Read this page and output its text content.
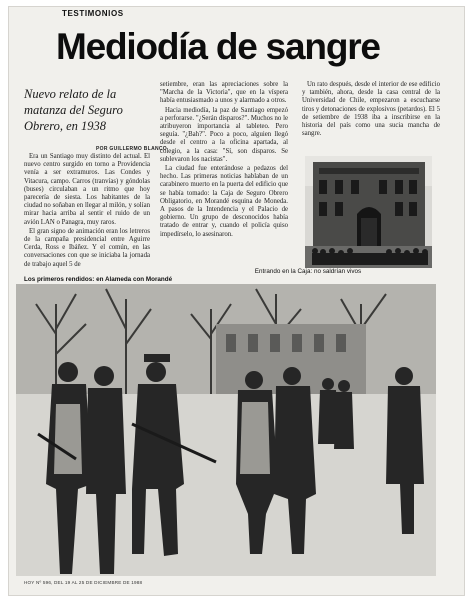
TESTIMONIOS
Mediodía de sangre
Nuevo relato de la matanza del Seguro Obrero, en 1938
POR GUILLERMO BLANCO

Era un Santiago muy distinto del actual. El nuevo centro surgido en torno a Providencia venía a ser extramuros. Las Condes y Vitacura, campo. Carros (tranvías) y góndolas (buses) circulaban a un ritmo que hoy parecería de siesta. Los habitantes de la ciudad no soñaban en llegar al milón, y solían mirar hacia arriba al sentir el ruido de un avión LAN o Panagra, muy raros.

El gran signo de animación eran los letreros de la campaña presidencial entre Aguirre Cerda, Ross e Ibáñez. Y el común, en las conversaciones con que se iniciaba la jornada de trabajo aquel 5 de

setiembre, eran las apreciaciones sobre la "Marcha de la Victoria", que en la víspera había entusiasmado a unos y alarmado a otros.

Hacia mediodía, la paz de Santiago empezó a perforarse. "¿Serán disparos?". Muchos no le atribuyeron importancia al tableteo. Pero seguía. "¿Bah?". Poco a poco, alguien llegó desde el centro a la oficina apartada, al colegio, a la casa: "Sí, son disparos. Se sublevaron los nacistas".

La ciudad fue enterándose a pedazos del hecho. Las primeras noticias hablaban de un carabinero muerto en la puerta del edificio que se había tomado: la Caja de Seguro Obrero Obligatorio, en Morandé esquina de Moneda. A pasos de la Intendencia y el Palacio de gobierno. Un grupo de desconocidos había tratado de entrar y, cuando el policía quiso impedírselo, lo asesinaron.

Un rato después, desde el interior de ese edificio y también, ahora, desde la casa central de la Universidad de Chile, empezaron a escucharse tiros y detonaciones de explosivos (petardos). El 5 de setiembre de 1938 iba a inscribirse en la historia del país como una sucia mancha de sangre.

Entrando en la Caja: no saldrían vivos
Los primeros rendidos: en Alameda con Morandé
HOY Nº 596, DEL 19 AL 25 DE DICIEMBRE DE 1988
